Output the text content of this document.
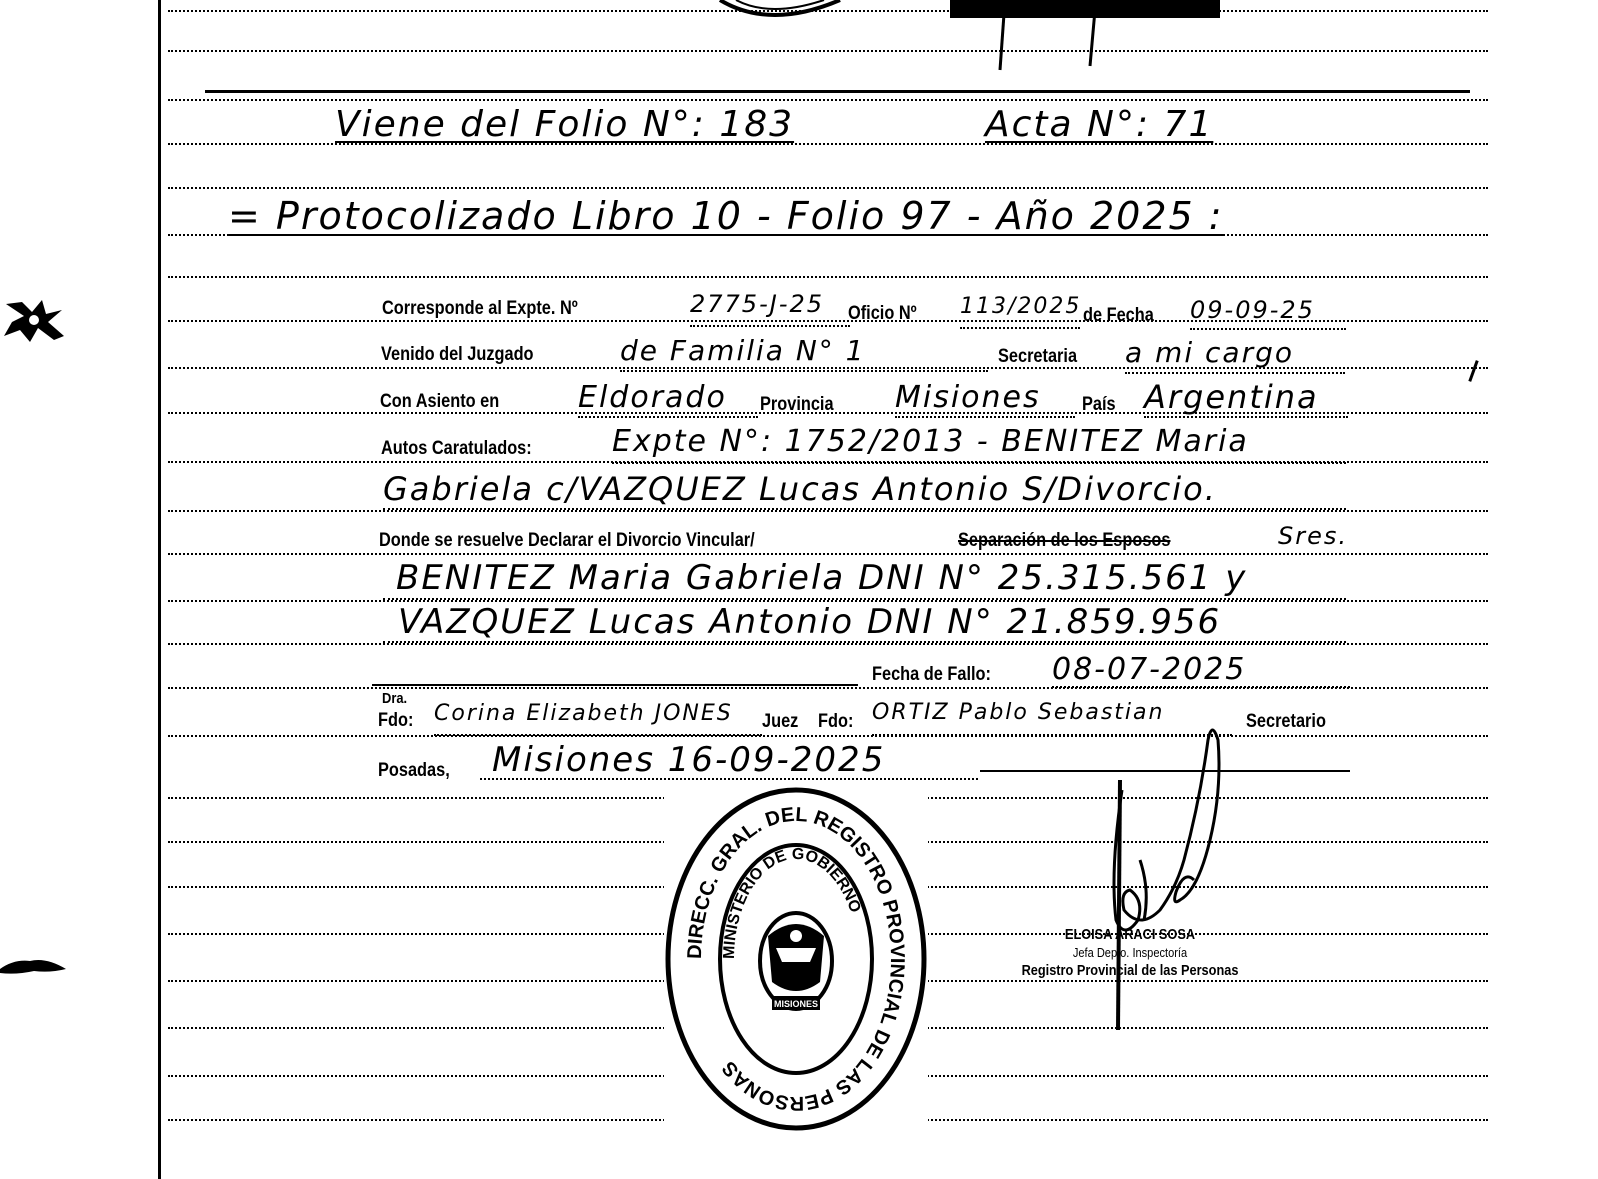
Viene del Folio N°: 183	Acta N°: 71
= Protocolizado Libro 10 - Folio 97 - Año 2025 :
Corresponde al Expte. Nº	2775-J-25 Oficio Nº 113/2025 de Fecha 09-09-25
Venido del Juzgado	de Familia N° 1	Secretaria a mi cargo
Con Asiento en	Eldorado Provincia Misiones País Argentina
Autos Caratulados:	Expte N°: 1752/2013 - BENITEZ Maria
Gabriela c/VAZQUEZ Lucas Antonio S/Divorcio.
Donde se resuelve Declarar el Divorcio Vincular/	Separación de los Esposos	Sres.
BENITEZ Maria Gabriela DNI N° 25.315.561 y
VAZQUEZ Lucas Antonio DNI N° 21.859.956
Fecha de Fallo: 08-07-2025
Dra.
Fdo: Corina Elizabeth JONES Juez Fdo: ORTIZ Pablo Sebastian	Secretario
Posadas, Misiones 16-09-2025
DIRECC. GRAL. DEL REGISTRO PROVINCIAL DE LAS PERSONAS
MINISTERIO DE GOBIERNO
MISIONES
ELOISA ARACI SOSA
Jefa Depto. Inspectoría
Registro Provincial de las Personas
